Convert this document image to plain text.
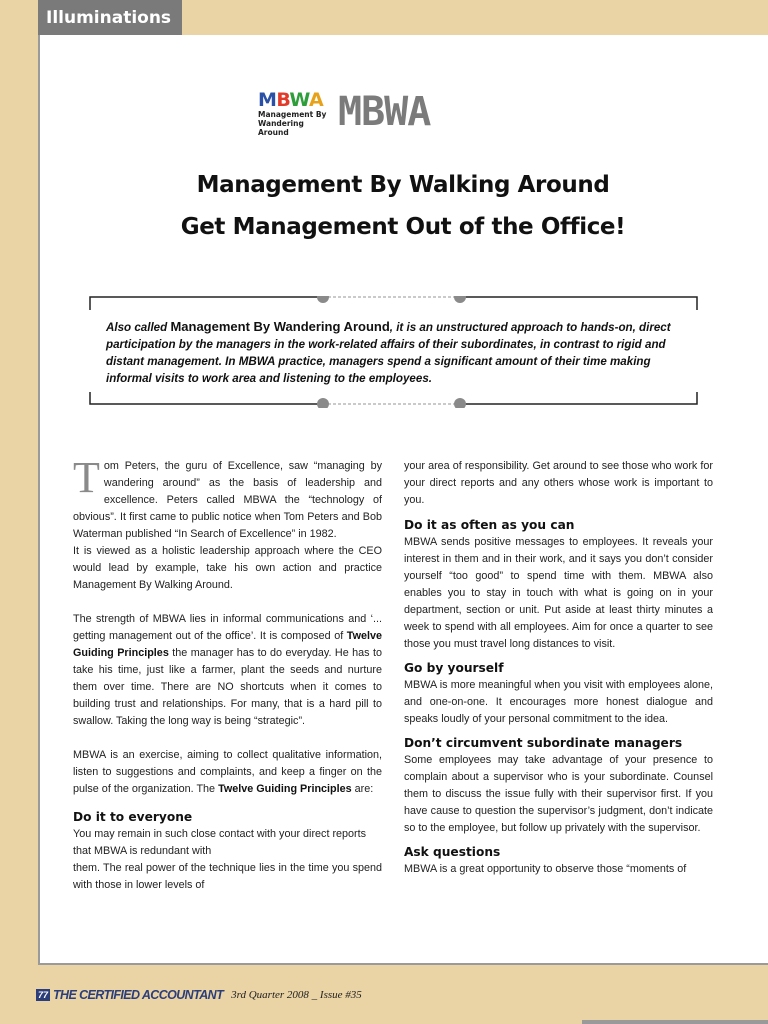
Illuminations
MBWA
Management By
Wandering Around	MBWA
Management By Walking Around
Get Management Out of the Office!
Also called Management By Wandering Around, it is an unstructured approach to hands-on, direct participation by the managers in the work-related affairs of their subordinates, in contrast to rigid and distant management. In MBWA practice, managers spend a significant amount of their time making informal visits to work area and listening to the employees.

Tom Peters, the guru of Excellence, saw “managing by wandering around” as the basis of leadership and excellence. Peters called MBWA the “technology of obvious”. It first came to public notice when Tom Peters and Bob Waterman published “In Search of Excellence” in 1982.

It is viewed as a holistic leadership approach where the CEO would lead by example, take his own action and practice Management By Walking Around.

The strength of MBWA lies in informal communications and ‘... getting management out of the office’. It is composed of Twelve Guiding Principles the manager has to do everyday. He has to take his time, just like a farmer, plant the seeds and nurture them over time. There are NO shortcuts when it comes to building trust and relationships. For many, that is a hard pill to swallow. Taking the long way is being “strategic”.

MBWA is an exercise, aiming to collect qualitative information, listen to suggestions and complaints, and keep a finger on the pulse of the organization. The Twelve Guiding Principles are:

Do it to everyone

You may remain in such close contact with your direct reports that MBWA is redundant with

them. The real power of the technique lies in the time you spend with those in lower levels of

your area of responsibility. Get around to see those who work for your direct reports and any others whose work is important to you.

Do it as often as you can

MBWA sends positive messages to employees. It reveals your interest in them and in their work, and it says you don’t consider yourself “too good” to spend time with them. MBWA also enables you to stay in touch with what is going on in your department, section or unit. Put aside at least thirty minutes a week to spend with all employees. Aim for once a quarter to see those you must travel long distances to visit.

Go by yourself

MBWA is more meaningful when you visit with employees alone, and one-on-one. It encourages more honest dialogue and speaks loudly of your personal commitment to the idea.

Don’t circumvent subordinate managers

Some employees may take advantage of your presence to complain about a supervisor who is your subordinate. Counsel them to discuss the issue fully with their supervisor first. If you have cause to question the supervisor’s judgment, don’t indicate so to the employee, but follow up privately with the supervisor.

Ask questions

MBWA is a great opportunity to observe those “moments of

77 THE CERTIFIED ACCOUNTANT 3rd Quarter 2008 _ Issue #35
